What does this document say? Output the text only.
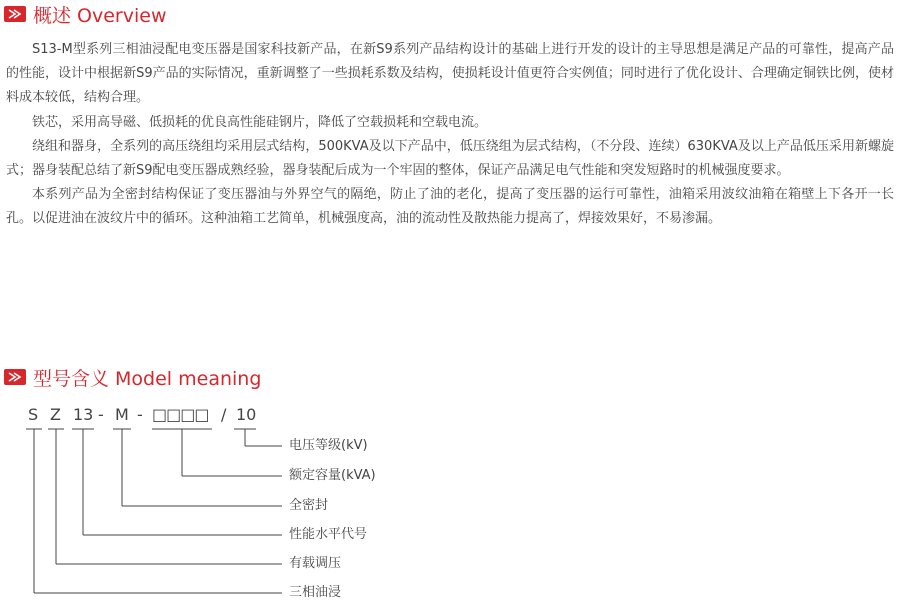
概述 Overview

S13-M型系列三相油浸配电变压器是国家科技新产品，在新S9系列产品结构设计的基础上进行开发的设计的主导思想是满足产品的可靠性，提高产品的性能，设计中根据新S9产品的实际情况，重新调整了一些损耗系数及结构，使损耗设计值更符合实例值；同时进行了优化设计、合理确定铜铁比例，使材料成本较低，结构合理。

铁芯，采用高导磁、低损耗的优良高性能硅钢片，降低了空载损耗和空载电流。

绕组和器身，全系列的高压绕组均采用层式结构，500KVA及以下产品中，低压绕组为层式结构，（不分段、连续）630KVA及以上产品低压采用新螺旋式；器身装配总结了新S9配电变压器成熟经验，器身装配后成为一个牢固的整体，保证产品满足电气性能和突发短路时的机械强度要求。

本系列产品为全密封结构保证了变压器油与外界空气的隔绝，防止了油的老化，提高了变压器的运行可靠性，油箱采用波纹油箱在箱壁上下各开一长孔。以促进油在波纹片中的循环。这种油箱工艺简单，机械强度高，油的流动性及散热能力提高了，焊接效果好，不易渗漏。

型号含义 Model meaning
S Z 13 - M - □□□□ / 10
电压等级(kV)
额定容量(kVA)
全密封
性能水平代号
有载调压
三相油浸
